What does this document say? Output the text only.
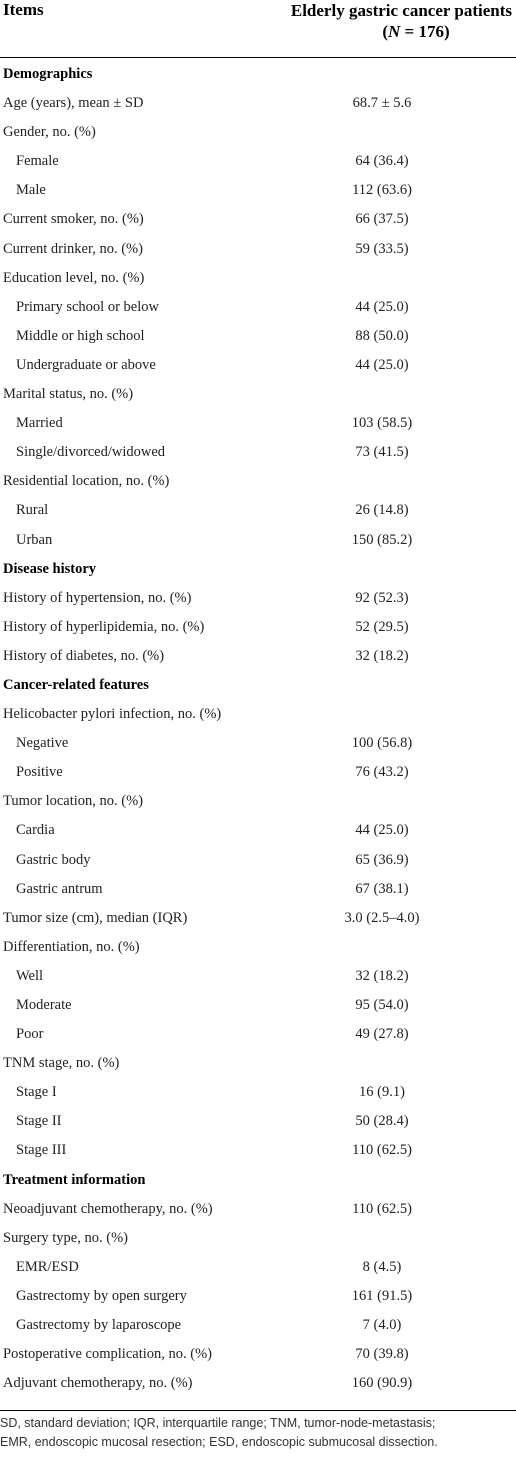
Items	Elderly gastric cancer patients
(N = 176)
Demographics
Age (years), mean ± SD	68.7 ± 5.6
Gender, no. (%)
Female	64 (36.4)
Male	112 (63.6)
Current smoker, no. (%)	66 (37.5)
Current drinker, no. (%)	59 (33.5)
Education level, no. (%)
Primary school or below	44 (25.0)
Middle or high school	88 (50.0)
Undergraduate or above	44 (25.0)
Marital status, no. (%)
Married	103 (58.5)
Single/divorced/widowed	73 (41.5)
Residential location, no. (%)
Rural	26 (14.8)
Urban	150 (85.2)
Disease history
History of hypertension, no. (%)	92 (52.3)
History of hyperlipidemia, no. (%)	52 (29.5)
History of diabetes, no. (%)	32 (18.2)
Cancer-related features
Helicobacter pylori infection, no. (%)
Negative	100 (56.8)
Positive	76 (43.2)
Tumor location, no. (%)
Cardia	44 (25.0)
Gastric body	65 (36.9)
Gastric antrum	67 (38.1)
Tumor size (cm), median (IQR)	3.0 (2.5–4.0)
Differentiation, no. (%)
Well	32 (18.2)
Moderate	95 (54.0)
Poor	49 (27.8)
TNM stage, no. (%)
Stage I	16 (9.1)
Stage II	50 (28.4)
Stage III	110 (62.5)
Treatment information
Neoadjuvant chemotherapy, no. (%)	110 (62.5)
Surgery type, no. (%)
EMR/ESD	8 (4.5)
Gastrectomy by open surgery	161 (91.5)
Gastrectomy by laparoscope	7 (4.0)
Postoperative complication, no. (%)	70 (39.8)
Adjuvant chemotherapy, no. (%)	160 (90.9)
SD, standard deviation; IQR, interquartile range; TNM, tumor-node-metastasis;
EMR, endoscopic mucosal resection; ESD, endoscopic submucosal dissection.
